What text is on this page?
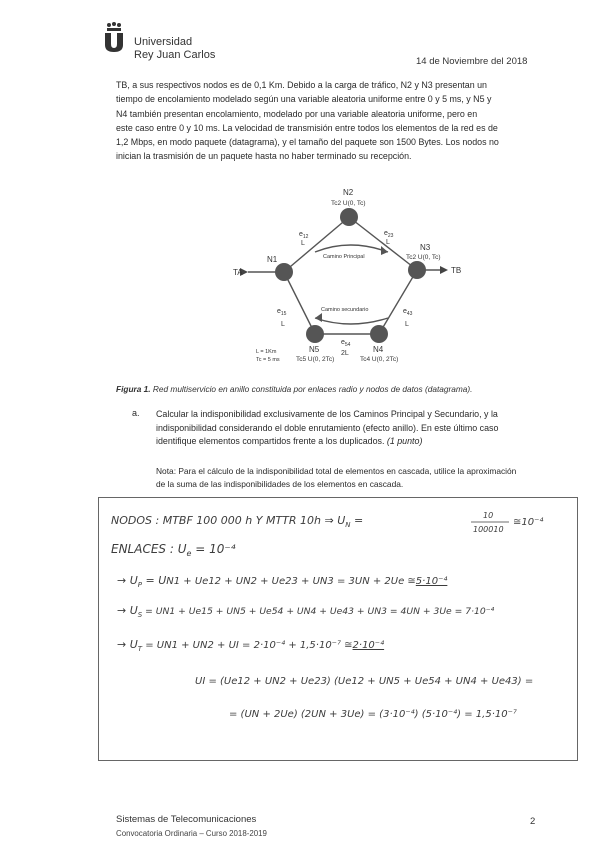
Universidad
Rey Juan Carlos
14 de Noviembre del 2018
TB, a sus respectivos nodos es de 0,1 Km. Debido a la carga de tráfico, N2 y N3 presentan un
tiempo de encolamiento modelado según una variable aleatoria uniforme entre 0 y 5 ms, y N5 y
N4 también presentan encolamiento, modelado por una variable aleatoria uniforme, pero en
este caso entre 0 y 10 ms. La velocidad de transmisión entre todos los elementos de la red es de
1,2 Mbps, en modo paquete (datagrama), y el tamaño del paquete son 1500 Bytes. Los nodos no
inician la trasmisión de un paquete hasta no haber terminado su recepción.
N2
Tc2 U(0, Tc)
N1
N3
Tc2 U(0, Tc)
N5
Tc5 U(0, 2Tc)
N4
Tc4 U(0, 2Tc)
TA	TB
$e_{12}$
L
$e_{23}$
L
$e_{15}$
L
$e_{43}$
L
$e_{54}$
2L
Camino Principal
Camino secundario
L = 1Km
Tc = 5 ms
Figura 1. Red multiservicio en anillo constituida por enlaces radio y nodos de datos (datagrama).
a. Calcular la indisponibilidad exclusivamente de los Caminos Principal y Secundario, y la
indisponibilidad considerando el doble enrutamiento (efecto anillo). En este último caso
identifique elementos compartidos frente a los duplicados. (1 punto)
Nota: Para el cálculo de la indisponibilidad total de elementos en cascada, utilice la aproximación
de la suma de las indisponibilidades de los elementos en cascada.
NODOS : MTBF 100 000 h Y MTTR 10h ⇒ $U_N$ =	10
100010
≅10⁻⁴
ENLACES : $U_e = 10^{-4}$
→ $U_P = UN1 + Ue12 + UN2 + Ue23 + UN3 = 3UN + 2Ue$ ≅5·10⁻⁴
→ $U_S$ $^{= UN1 + Ue15 + UN5 + Ue54 + UN4 + Ue43 + UN3 = 4UN + 3Ue = 7\cdot 10^{-4}}$
→ $U_T = UN1 + UN2$ + UI = 2·10⁻⁴ + 1,5·10⁻⁷ ≅2·10⁻⁴
UI = (Ue12 + UN2 + Ue23) (Ue12 + UN5 + Ue54 + UN4 + Ue43) =
= (UN + 2Ue) (2UN + 3Ue) = (3·10⁻⁴) (5·10⁻⁴) = 1,5·10⁻⁷
Sistemas de Telecomunicaciones
Convocatoria Ordinaria – Curso 2018-2019
2
